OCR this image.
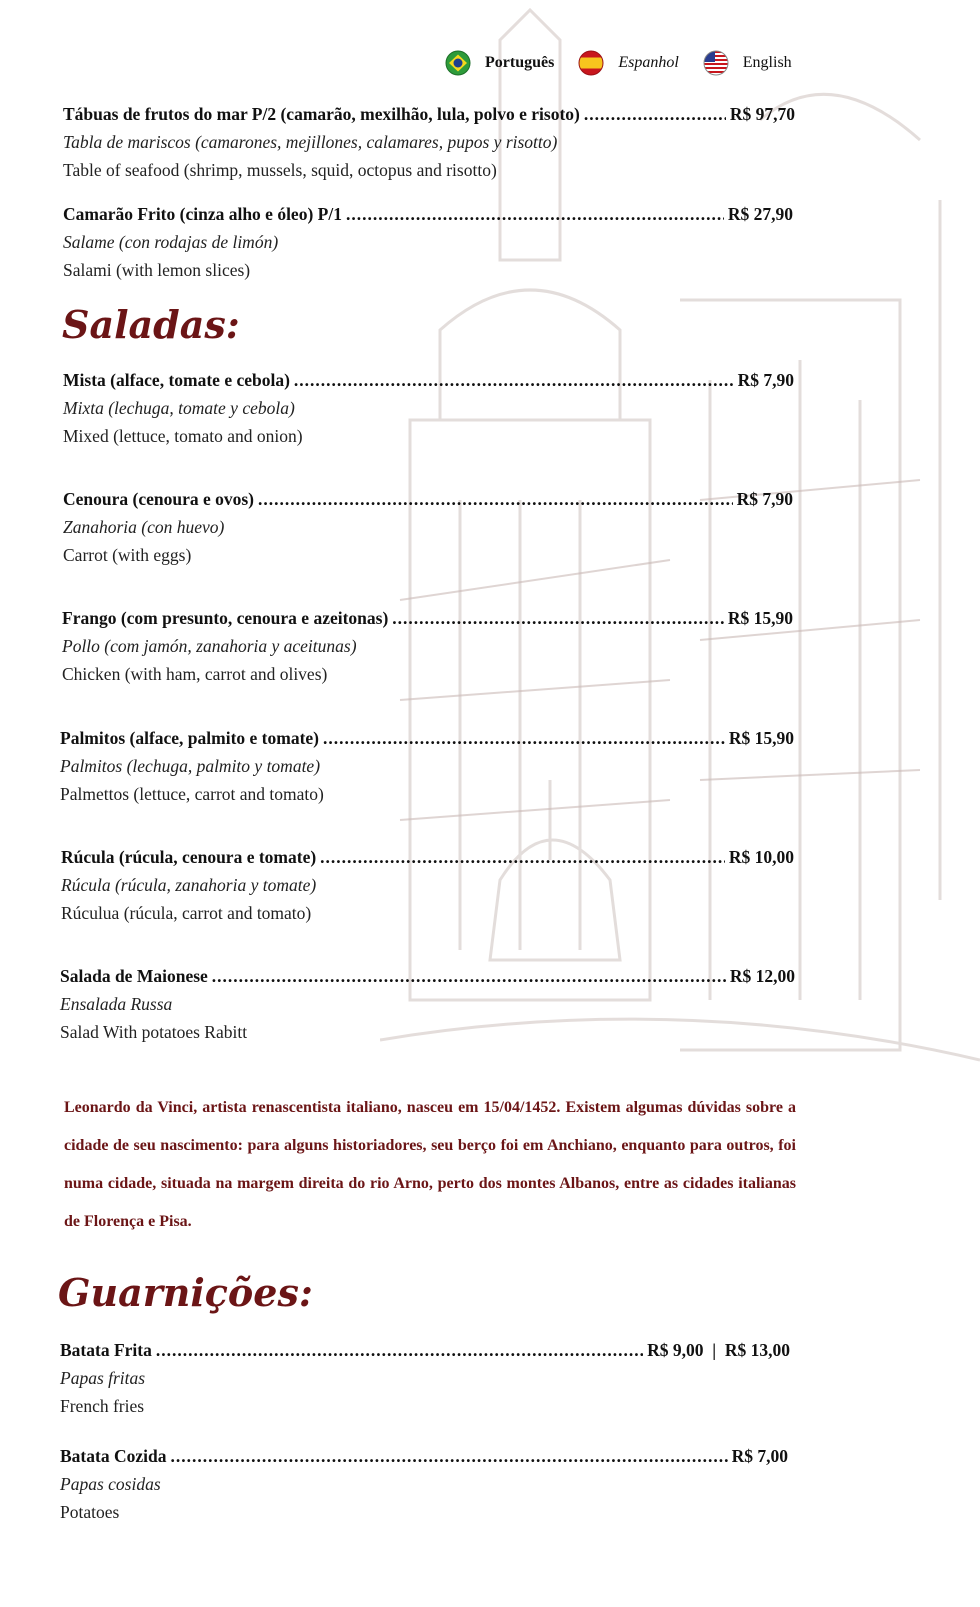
Português	Espanhol	English
Tábuas de frutos do mar P/2 (camarão, mexilhão, lula, polvo e risoto) .....	R$ 97,70
Tabla de mariscos (camarones, mejillones, calamares, pupos y risotto)
Table of seafood (shrimp, mussels, squid, octopus and risotto)
Camarão Frito (cinza alho e óleo) P/1 .....	R$ 27,90
Salame (con rodajas de limón)
Salami (with lemon slices)
Saladas:
Mista (alface, tomate e cebola) .....	R$ 7,90
Mixta (lechuga, tomate y cebola)
Mixed (lettuce, tomato and onion)
Cenoura (cenoura e ovos) .....	R$ 7,90
Zanahoria (con huevo)
Carrot (with eggs)
Frango (com presunto, cenoura e azeitonas) .....	R$ 15,90
Pollo (com jamón, zanahoria y aceitunas)
Chicken (with ham, carrot and olives)
Palmitos (alface, palmito e tomate) .....	R$ 15,90
Palmitos (lechuga, palmito y tomate)
Palmettos (lettuce, carrot and tomato)
Rúcula (rúcula, cenoura e tomate) .....	R$ 10,00
Rúcula (rúcula, zanahoria y tomate)
Rúculua (rúcula, carrot and tomato)
Salada de Maionese .....	R$ 12,00
Ensalada Russa
Salad With potatoes Rabitt
Leonardo da Vinci, artista renascentista italiano, nasceu em 15/04/1452. Existem algumas dúvidas sobre a cidade de seu nascimento: para alguns historiadores, seu berço foi em Anchiano, enquanto para outros, foi numa cidade, situada na margem direita do rio Arno, perto dos montes Albanos, entre as cidades italianas de Florença e Pisa.
Guarnições:
Batata Frita .....	R$ 9,00  |  R$ 13,00
Papas fritas
French fries
Batata Cozida .....	R$ 7,00
Papas cosidas
Potatoes
